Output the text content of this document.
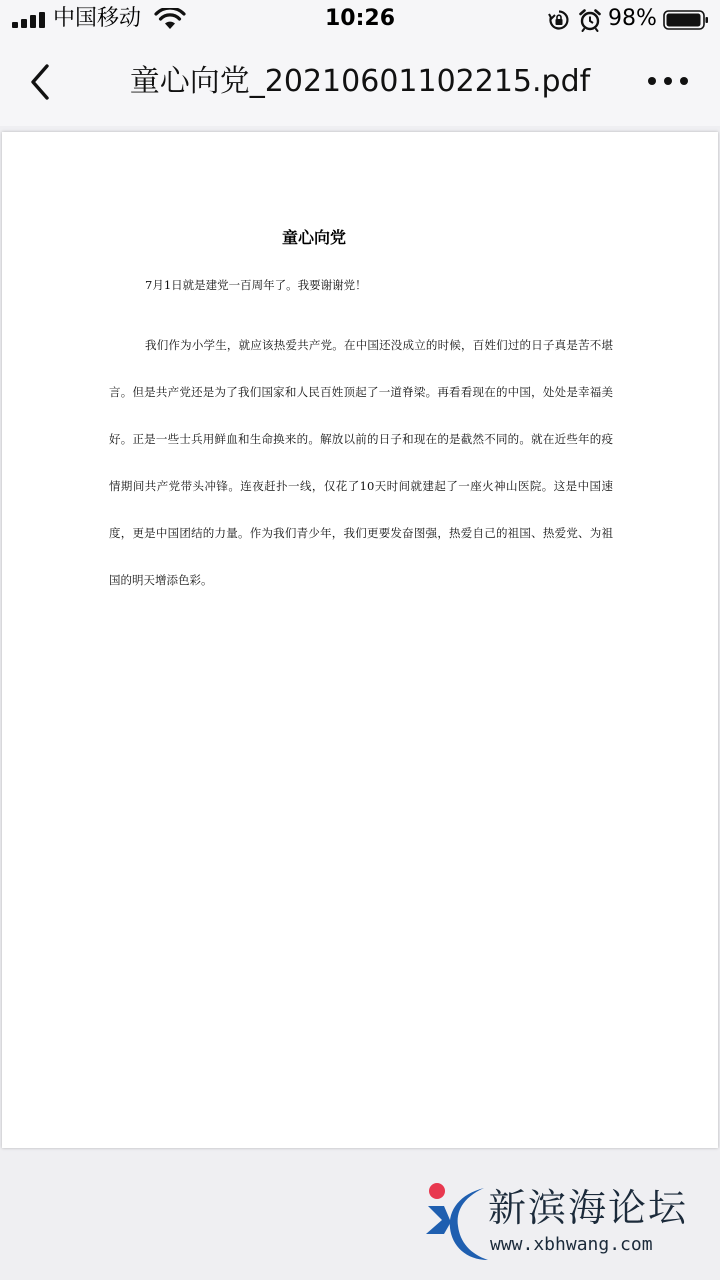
中国移动	10:26	98%
童心向党_20210601102215.pdf
童心向党

7月1日就是建党一百周年了。我要谢谢党！

我们作为小学生，就应该热爱共产党。在中国还没成立的时候，百姓们过的日子真是苦不堪言。但是共产党还是为了我们国家和人民百姓顶起了一道脊梁。再看看现在的中国，处处是幸福美好。正是一些士兵用鲜血和生命换来的。解放以前的日子和现在的是截然不同的。就在近些年的疫情期间共产党带头冲锋。连夜赶扑一线，仅花了10天时间就建起了一座火神山医院。这是中国速度，更是中国团结的力量。作为我们青少年，我们更要发奋图强，热爱自己的祖国、热爱党、为祖国的明天增添色彩。

新滨海论坛
www.xbhwang.com
